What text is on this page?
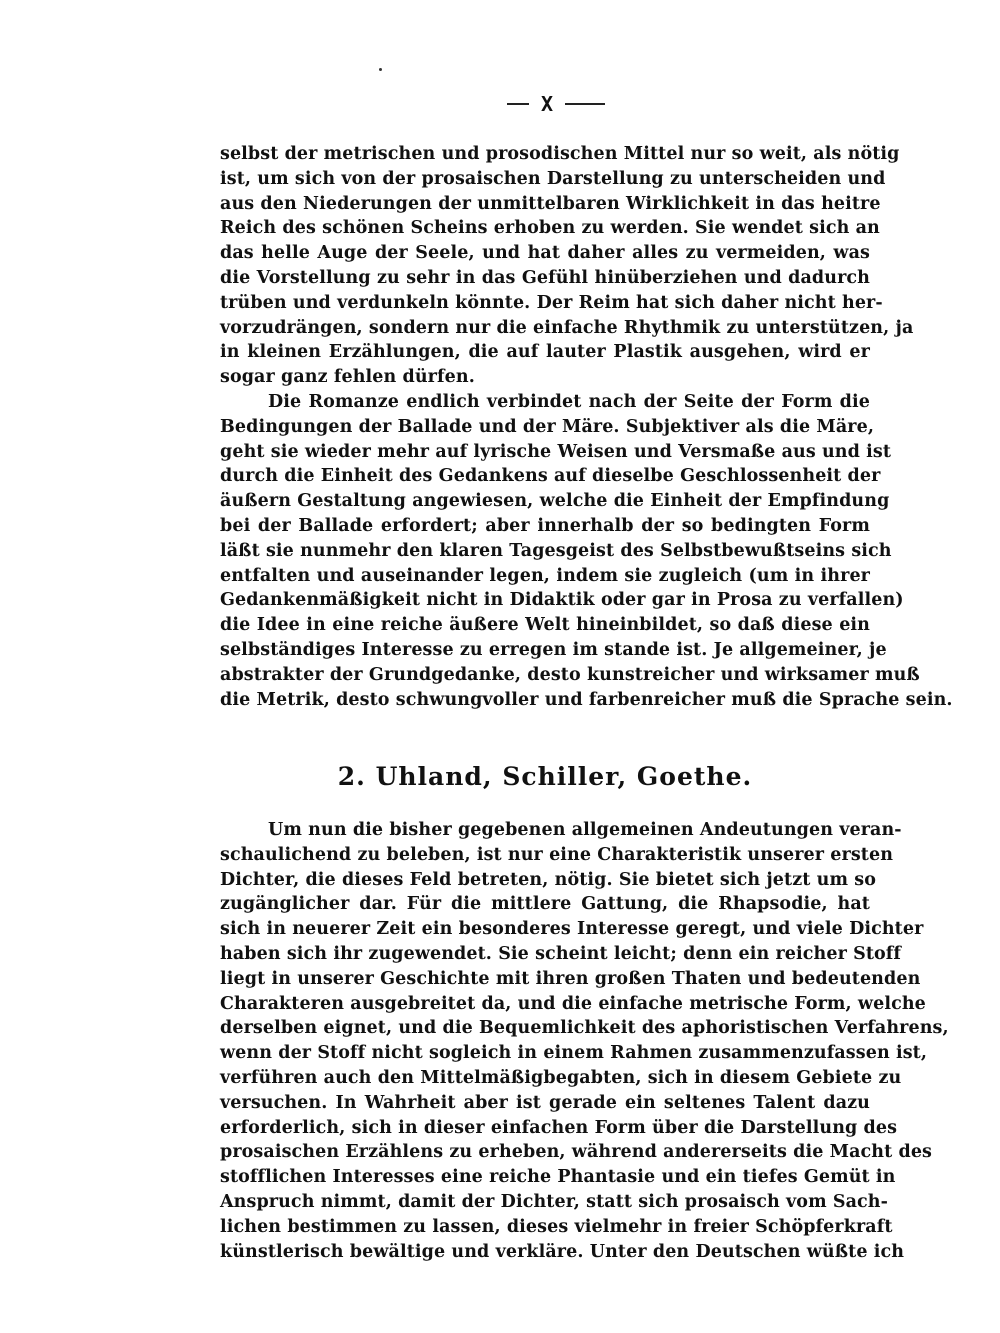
X
selbst der metrischen und prosodischen Mittel nur so weit, als nötig
ist, um sich von der prosaischen Darstellung zu unterscheiden und
aus den Niederungen der unmittelbaren Wirklichkeit in das heitre
Reich des schönen Scheins erhoben zu werden. Sie wendet sich an
das helle Auge der Seele, und hat daher alles zu vermeiden, was
die Vorstellung zu sehr in das Gefühl hinüberziehen und dadurch
trüben und verdunkeln könnte. Der Reim hat sich daher nicht her-
vorzudrängen, sondern nur die einfache Rhythmik zu unterstützen, ja
in kleinen Erzählungen, die auf lauter Plastik ausgehen, wird er
sogar ganz fehlen dürfen.
Die Romanze endlich verbindet nach der Seite der Form die
Bedingungen der Ballade und der Märe. Subjektiver als die Märe,
geht sie wieder mehr auf lyrische Weisen und Versmaße aus und ist
durch die Einheit des Gedankens auf dieselbe Geschlossenheit der
äußern Gestaltung angewiesen, welche die Einheit der Empfindung
bei der Ballade erfordert; aber innerhalb der so bedingten Form
läßt sie nunmehr den klaren Tagesgeist des Selbstbewußtseins sich
entfalten und auseinander legen, indem sie zugleich (um in ihrer
Gedankenmäßigkeit nicht in Didaktik oder gar in Prosa zu verfallen)
die Idee in eine reiche äußere Welt hineinbildet, so daß diese ein
selbständiges Interesse zu erregen im stande ist. Je allgemeiner, je
abstrakter der Grundgedanke, desto kunstreicher und wirksamer muß
die Metrik, desto schwungvoller und farbenreicher muß die Sprache sein.
2. Uhland, Schiller, Goethe.
Um nun die bisher gegebenen allgemeinen Andeutungen veran-
schaulichend zu beleben, ist nur eine Charakteristik unserer ersten
Dichter, die dieses Feld betreten, nötig. Sie bietet sich jetzt um so
zugänglicher dar. Für die mittlere Gattung, die Rhapsodie, hat
sich in neuerer Zeit ein besonderes Interesse geregt, und viele Dichter
haben sich ihr zugewendet. Sie scheint leicht; denn ein reicher Stoff
liegt in unserer Geschichte mit ihren großen Thaten und bedeutenden
Charakteren ausgebreitet da, und die einfache metrische Form, welche
derselben eignet, und die Bequemlichkeit des aphoristischen Verfahrens,
wenn der Stoff nicht sogleich in einem Rahmen zusammenzufassen ist,
verführen auch den Mittelmäßigbegabten, sich in diesem Gebiete zu
versuchen. In Wahrheit aber ist gerade ein seltenes Talent dazu
erforderlich, sich in dieser einfachen Form über die Darstellung des
prosaischen Erzählens zu erheben, während andererseits die Macht des
stofflichen Interesses eine reiche Phantasie und ein tiefes Gemüt in
Anspruch nimmt, damit der Dichter, statt sich prosaisch vom Sach-
lichen bestimmen zu lassen, dieses vielmehr in freier Schöpferkraft
künstlerisch bewältige und verkläre. Unter den Deutschen wüßte ich
